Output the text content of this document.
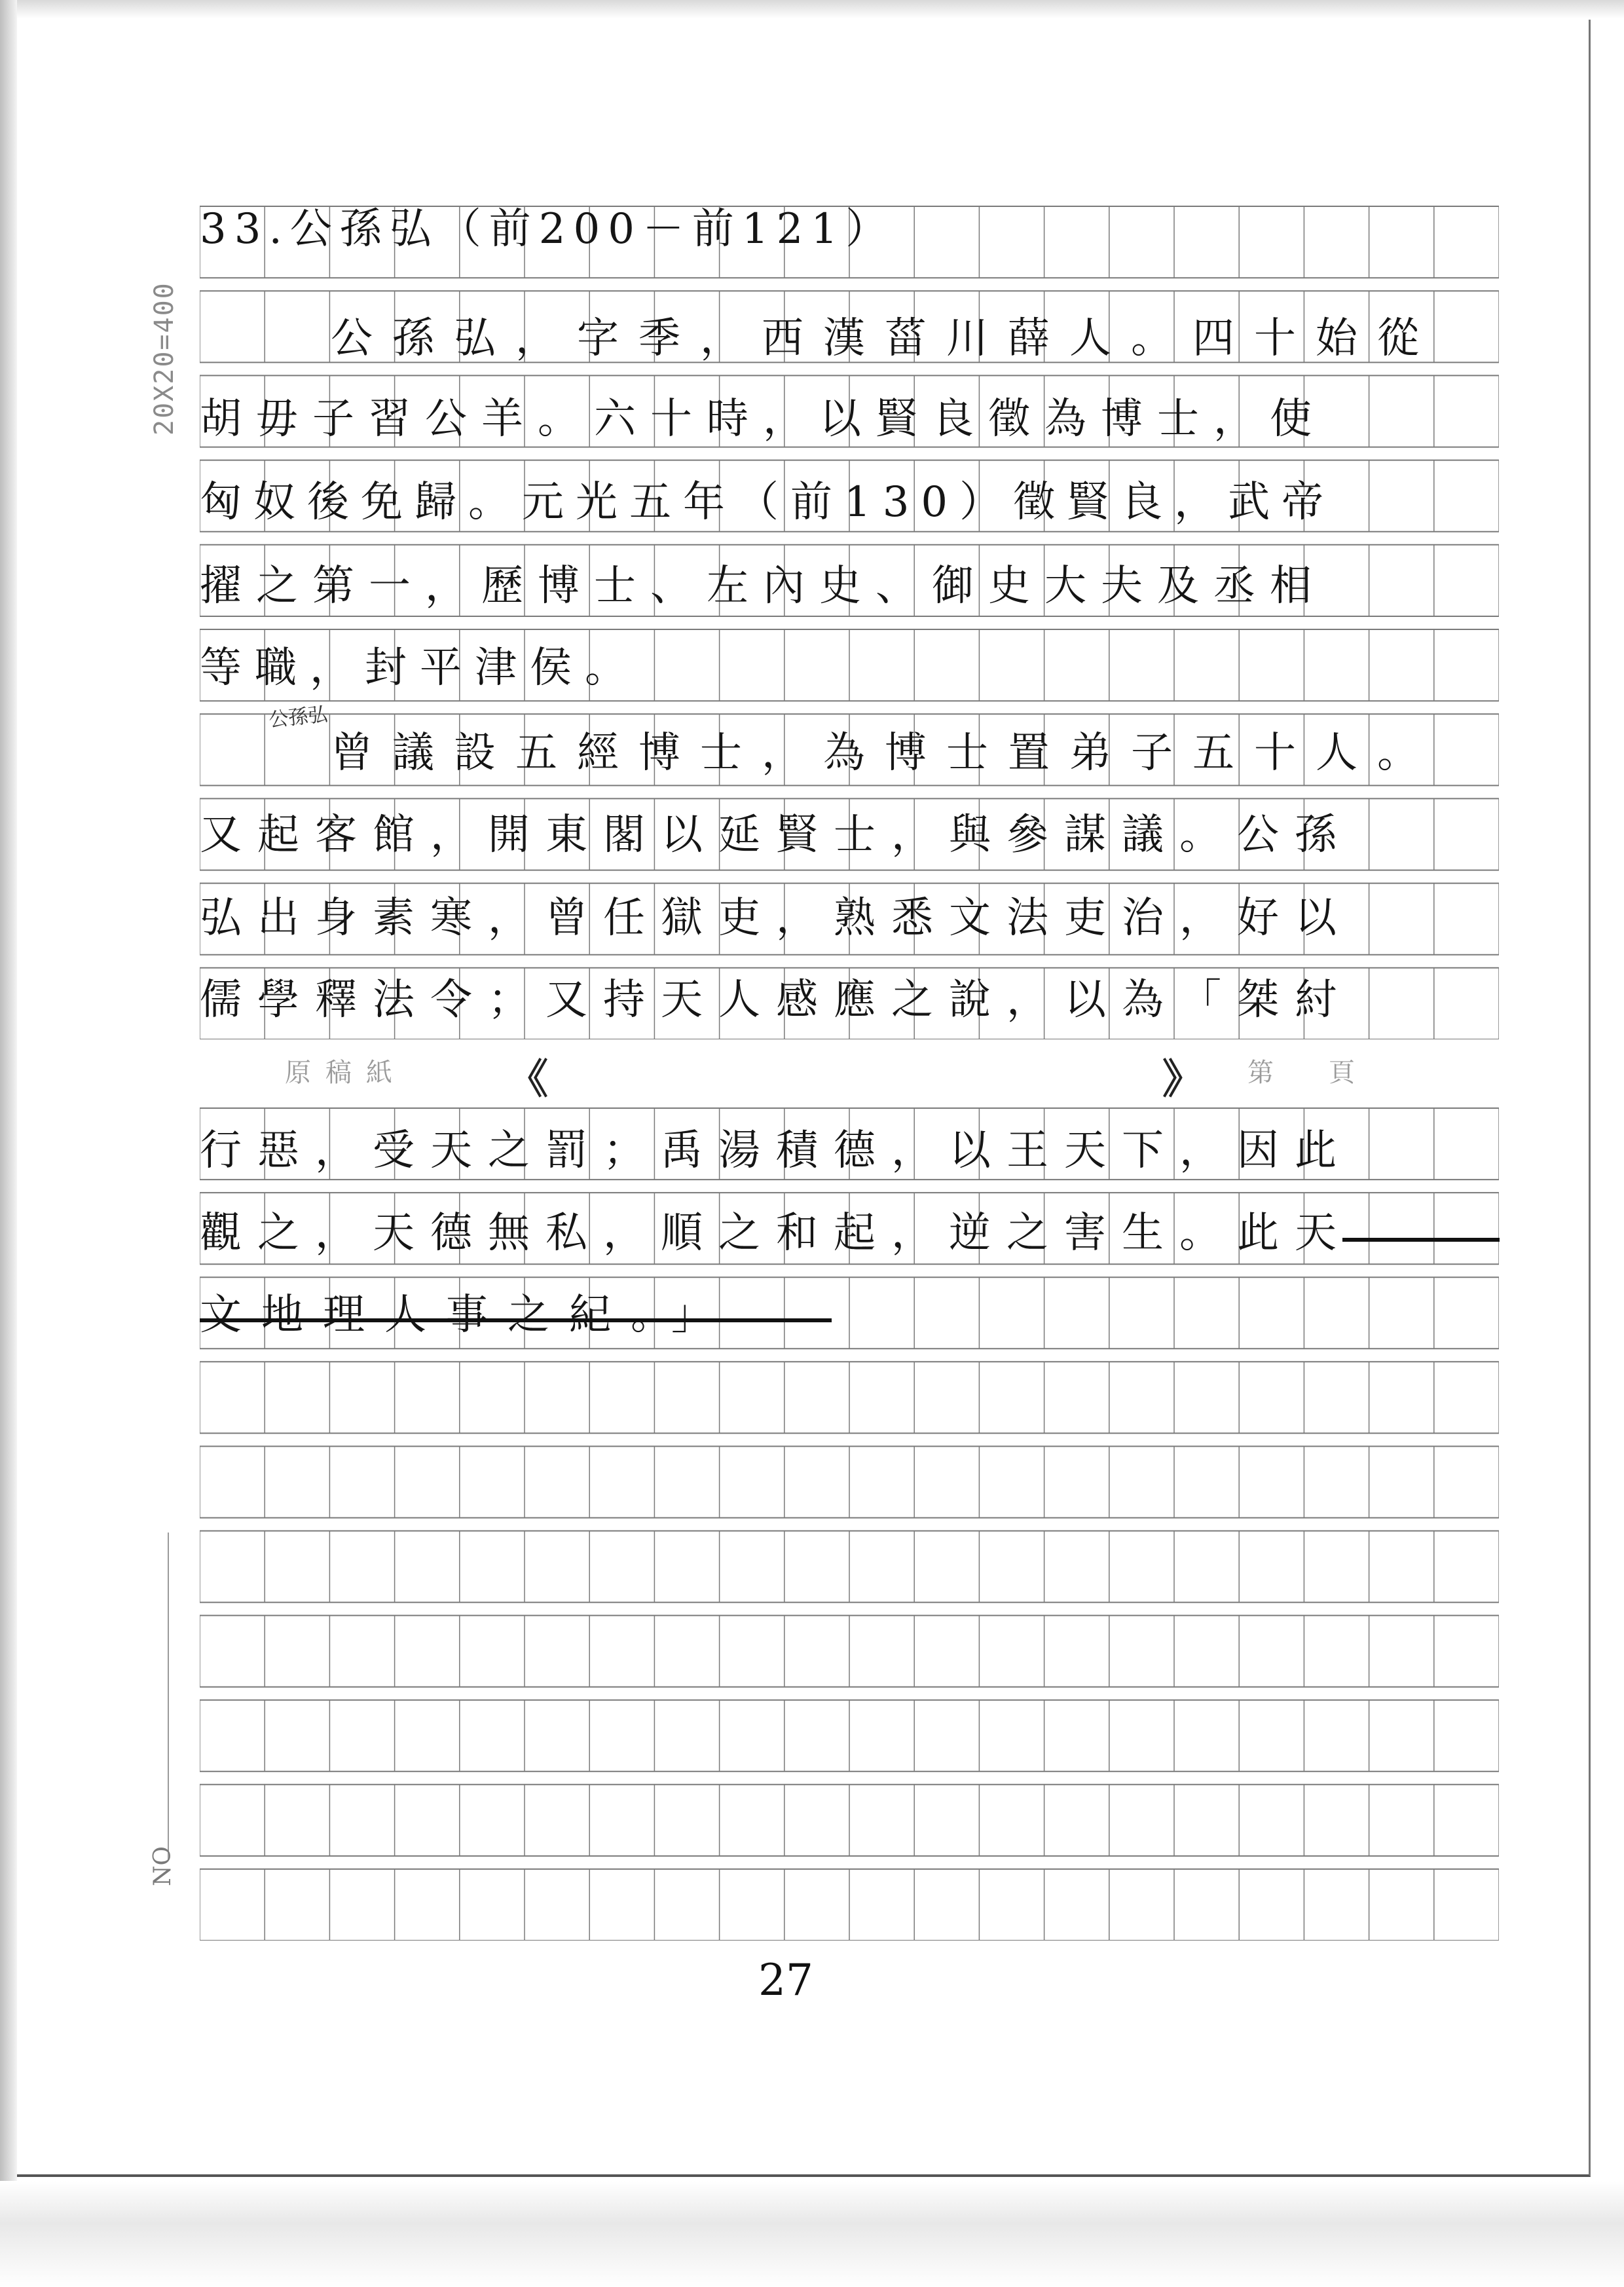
20X20=400
NO
原稿紙 《	》 第　頁
33.公孫弘（前200－前121）
公孫弘，字季，西漢菑川薛人。四十始從
胡毋子習公羊。六十時，以賢良徵為博士，使
匈奴後免歸。元光五年（前130）徵賢良，武帝
擢之第一，歷博士、左內史、御史大夫及丞相
等職，封平津侯。
公孫弘
曾議設五經博士，為博士置弟子五十人。
又起客館，開東閣以延賢士，與參謀議。公孫
弘出身素寒，曾任獄吏，熟悉文法吏治，好以
儒學釋法令；又持天人感應之說，以為「桀紂
行惡，受天之罰；禹湯積德，以王天下，因此
觀之，天德無私，順之和起，逆之害生。此天
文地理人事之紀。」
27
